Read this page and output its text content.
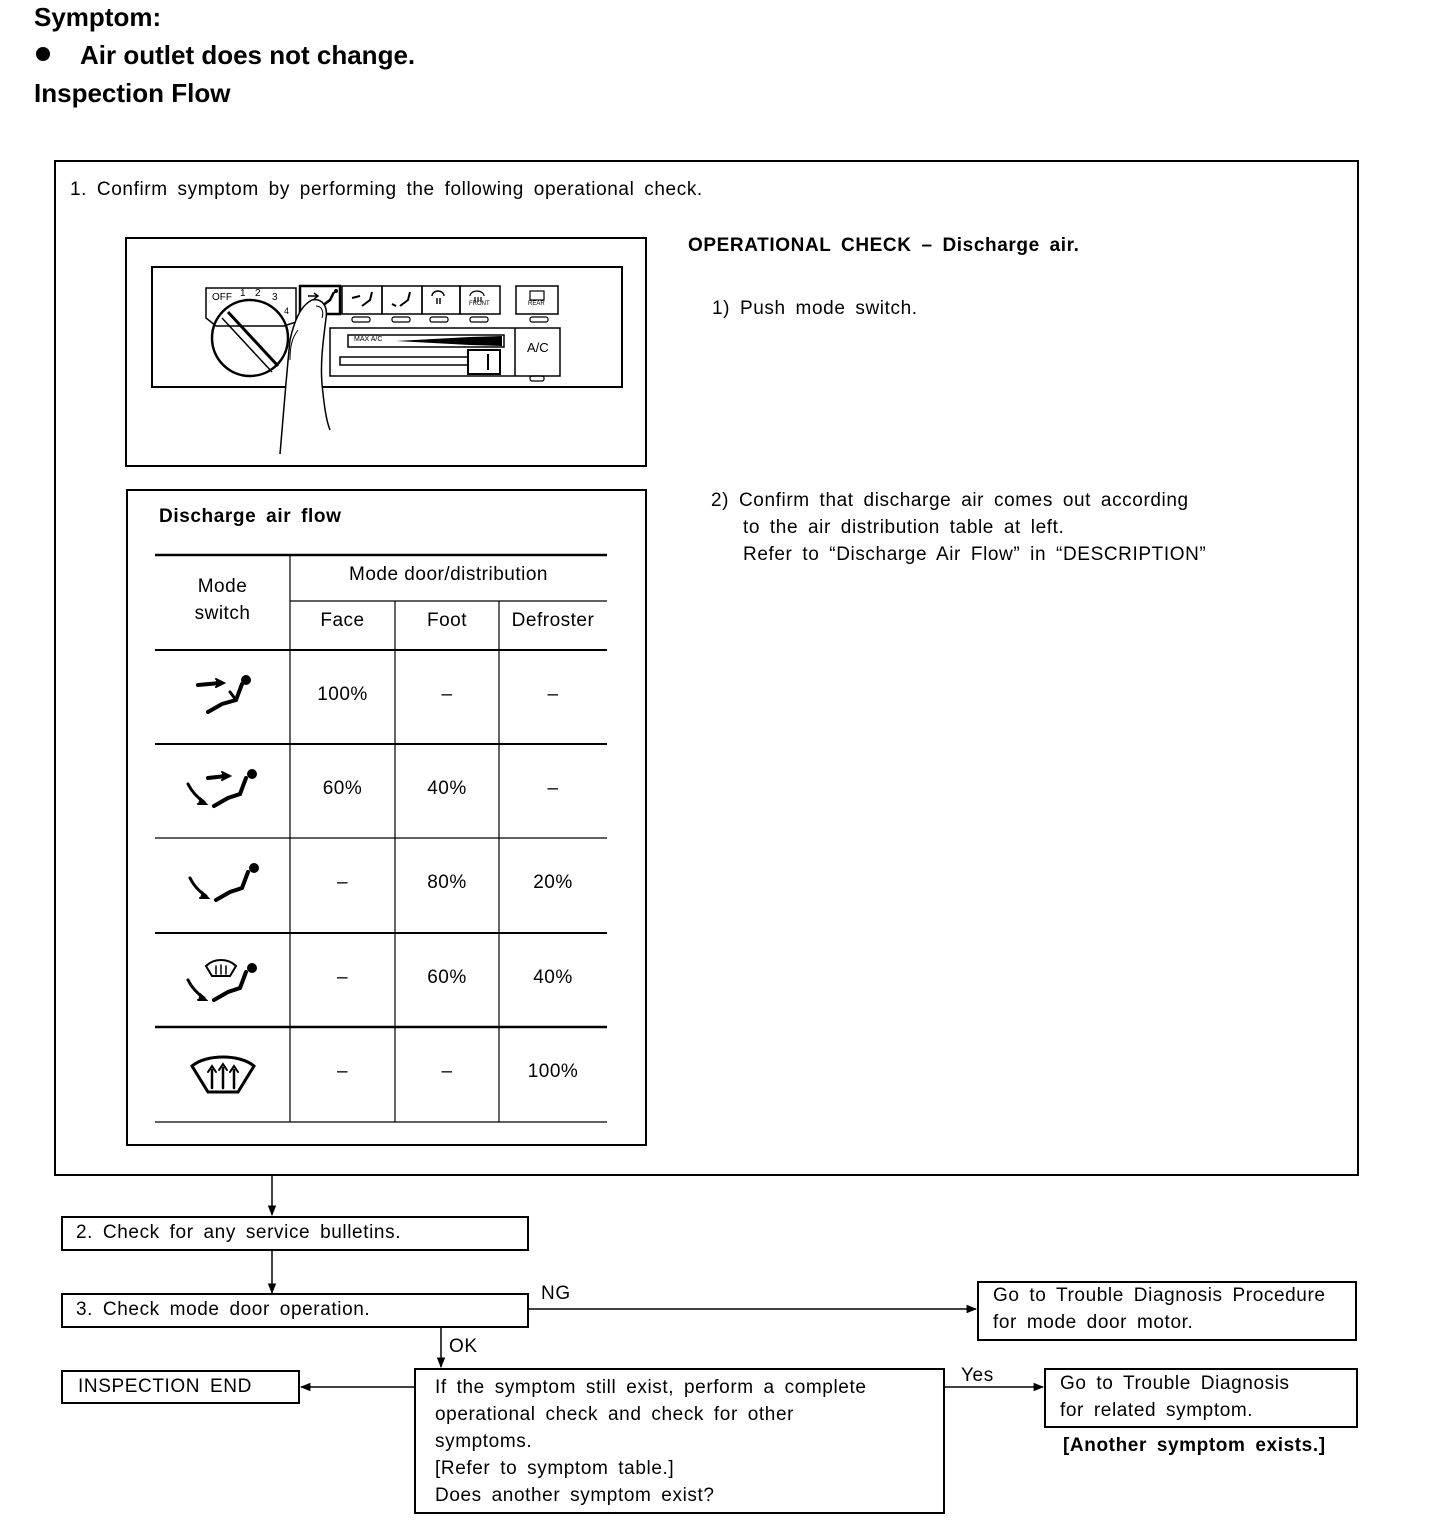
Symptom:
Air outlet does not change.
Inspection Flow
1. Confirm symptom by performing the following operational check.
OPERATIONAL CHECK – Discharge air.
1) Push mode switch.
2) Confirm that discharge air comes out according
to the air distribution table at left.
Refer to “Discharge Air Flow” in “DESCRIPTION”
Discharge air flow
Mode
switch
Mode door/distribution
Face	Foot	Defroster
100%	–	–
60%	40%	–
–	80%	20%
–	60%	40%
–	–	100%
2. Check for any service bulletins.
3. Check mode door operation.
NG
OK
Yes
Go to Trouble Diagnosis Procedure
for mode door motor.
INSPECTION END	If the symptom still exist, perform a complete
operational check and check for other
symptoms.
[Refer to symptom table.]
Does another symptom exist?
Go to Trouble Diagnosis
for related symptom.
[Another symptom exists.]
OFF 1 2 3
4
MAX A/C
A/C
FRONT	REAR
